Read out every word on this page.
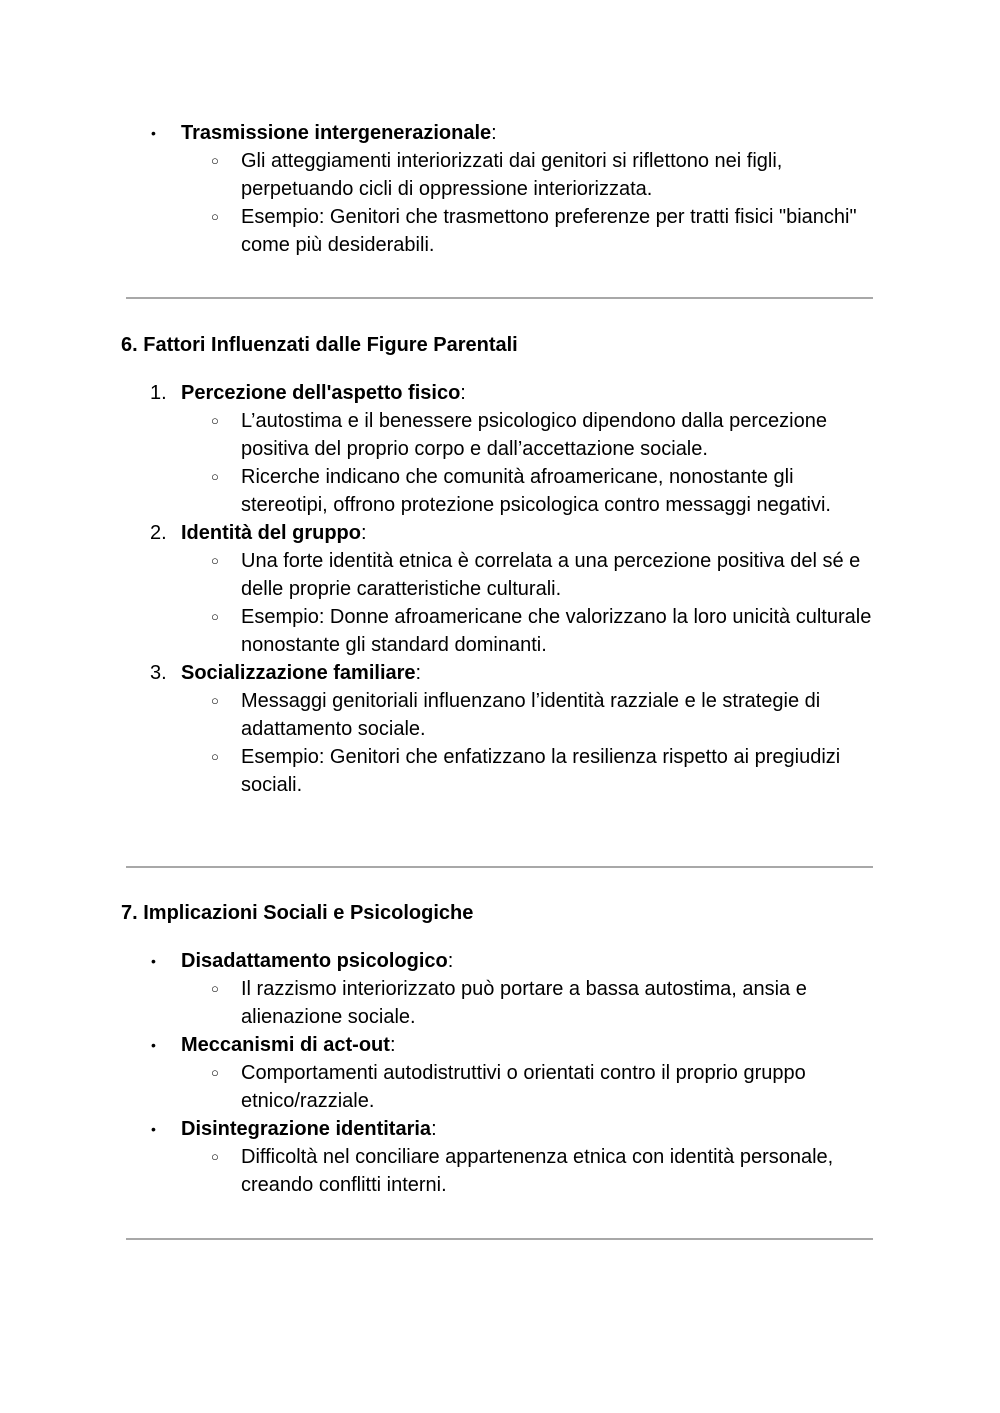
•	Trasmissione intergenerazionale:
○ Gli atteggiamenti interiorizzati dai genitori si riflettono nei figli, perpetuando cicli di oppressione interiorizzata.
○ Esempio: Genitori che trasmettono preferenze per tratti fisici "bianchi" come più desiderabili.
6. Fattori Influenzati dalle Figure Parentali
1. Percezione dell'aspetto fisico:
○ L’autostima e il benessere psicologico dipendono dalla percezione positiva del proprio corpo e dall’accettazione sociale.
○ Ricerche indicano che comunità afroamericane, nonostante gli stereotipi, offrono protezione psicologica contro messaggi negativi.
2. Identità del gruppo:
○ Una forte identità etnica è correlata a una percezione positiva del sé e delle proprie caratteristiche culturali.
○ Esempio: Donne afroamericane che valorizzano la loro unicità culturale nonostante gli standard dominanti.
3. Socializzazione familiare:
○ Messaggi genitoriali influenzano l’identità razziale e le strategie di adattamento sociale.
○ Esempio: Genitori che enfatizzano la resilienza rispetto ai pregiudizi sociali.
7. Implicazioni Sociali e Psicologiche
•	Disadattamento psicologico:
○ Il razzismo interiorizzato può portare a bassa autostima, ansia e alienazione sociale.
•	Meccanismi di act-out:
○ Comportamenti autodistruttivi o orientati contro il proprio gruppo etnico/razziale.
•	Disintegrazione identitaria:
○ Difficoltà nel conciliare appartenenza etnica con identità personale, creando conflitti interni.
